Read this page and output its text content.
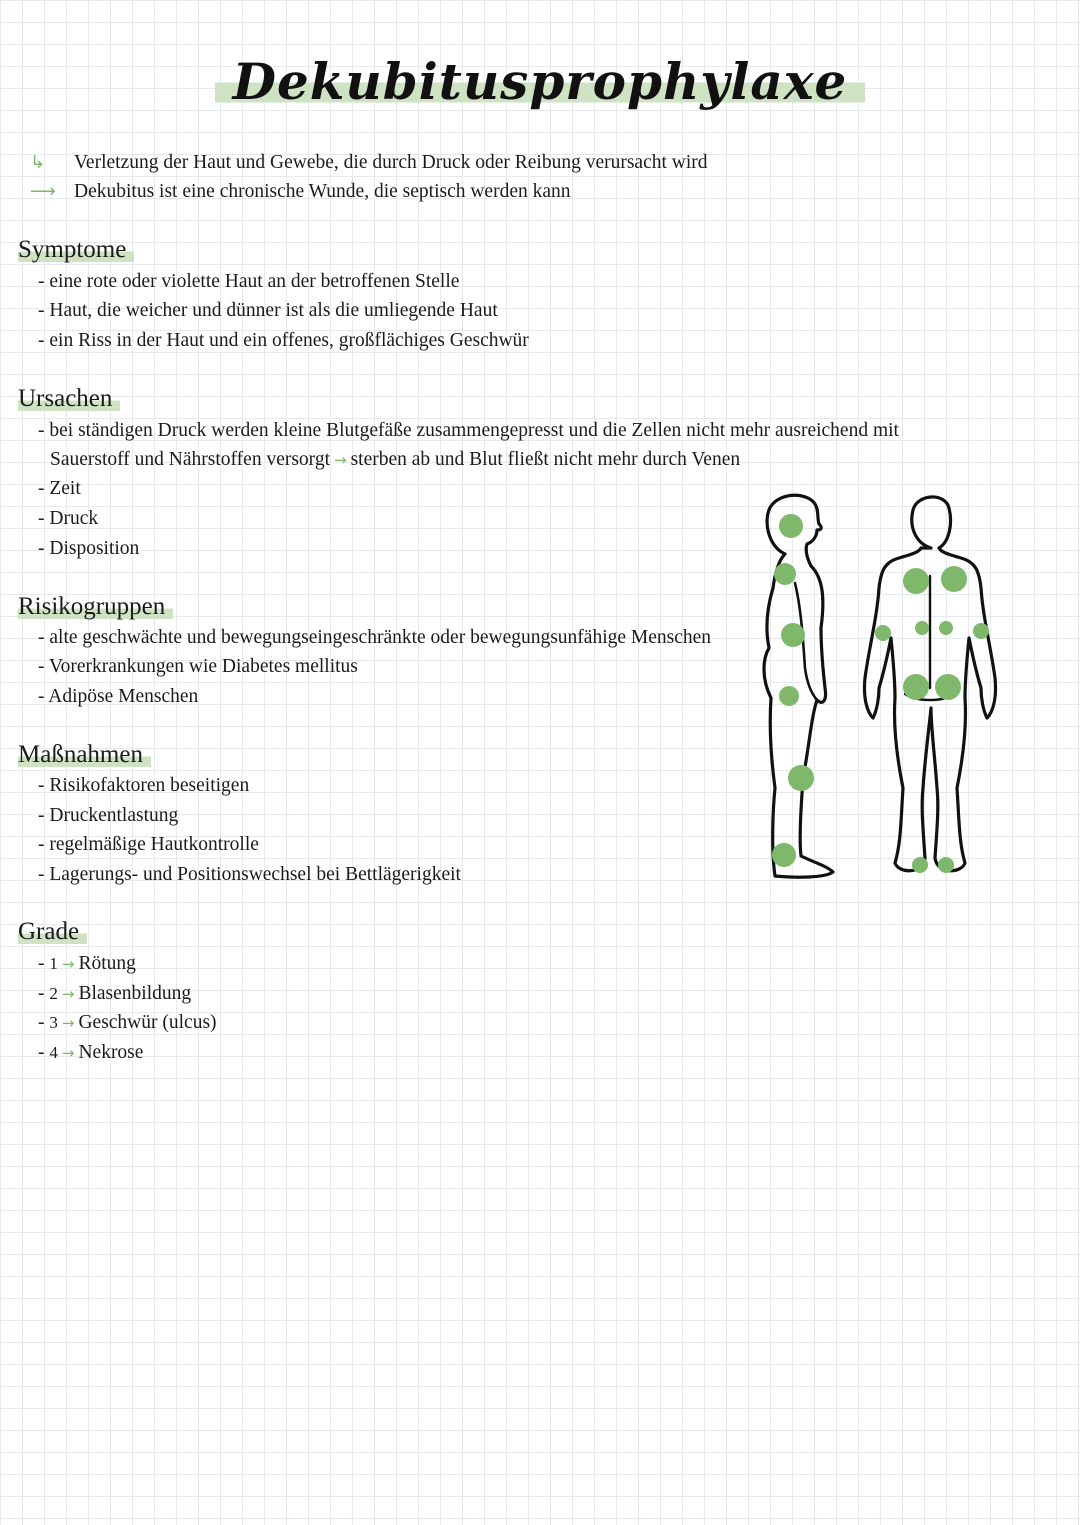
Dekubitusprophylaxe
↳ Verletzung der Haut und Gewebe, die durch Druck oder Reibung verursacht wird
⟶ Dekubitus ist eine chronische Wunde, die septisch werden kann
Symptome
- eine rote oder violette Haut an der betroffenen Stelle
- Haut, die weicher und dünner ist als die umliegende Haut
- ein Riss in der Haut und ein offenes, großflächiges Geschwür
Ursachen
- bei ständigen Druck werden kleine Blutgefäße zusammengepresst und die Zellen nicht mehr ausreichend mit
Sauerstoff und Nährstoffen versorgt → sterben ab und Blut fließt nicht mehr durch Venen
- Zeit
- Druck
- Disposition
Risikogruppen
- alte geschwächte und bewegungseingeschränkte oder bewegungsunfähige Menschen
- Vorerkrankungen wie Diabetes mellitus
- Adipöse Menschen
Maßnahmen
- Risikofaktoren beseitigen
- Druckentlastung
- regelmäßige Hautkontrolle
- Lagerungs- und Positionswechsel bei Bettlägerigkeit
Grade
- 1 → Rötung
- 2 → Blasenbildung
- 3 → Geschwür (ulcus)
- 4 → Nekrose
